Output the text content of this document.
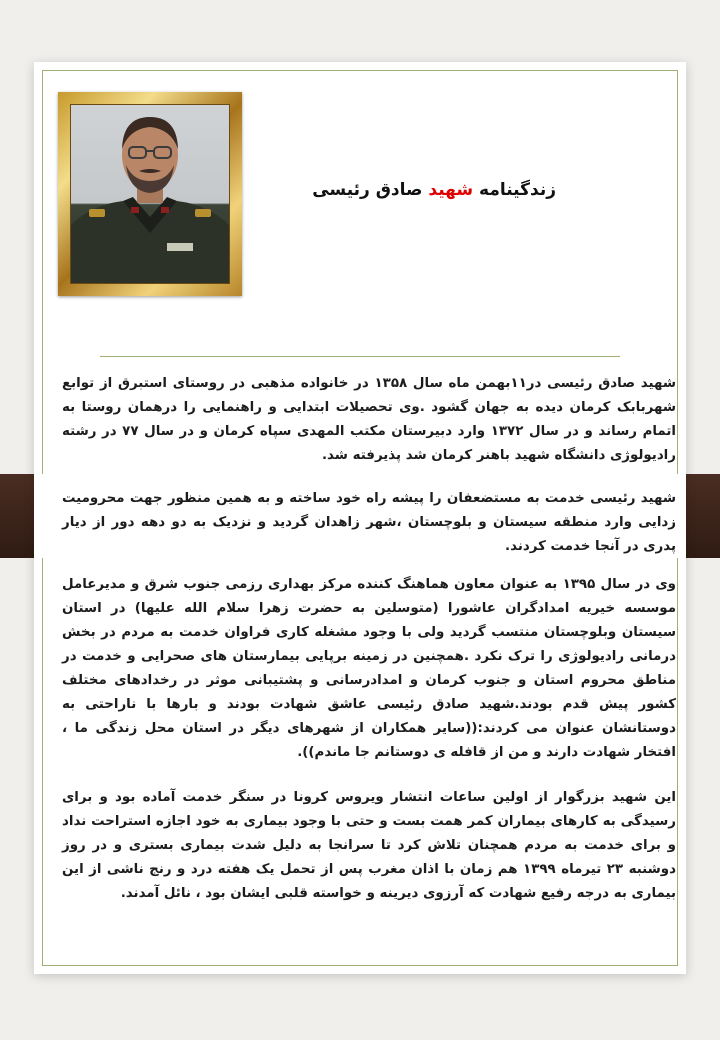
زندگینامه شهید صادق رئیسی

شهید صادق رئیسی در۱۱بهمن ماه سال ۱۳۵۸ در خانواده مذهبی در روستای استبرق از توابع شهربابک کرمان دیده به جهان گشود .وی تحصیلات ابتدایی و راهنمایی را درهمان روستا به اتمام رساند و در سال ۱۳۷۲ وارد دبیرستان مکتب المهدی سپاه کرمان و در سال ۷۷ در رشته رادیولوژی دانشگاه شهید باهنر کرمان شد پذیرفته شد.

شهید رئیسی خدمت به مستضعفان را پیشه راه خود ساخته و به همین منظور جهت محرومیت زدایی وارد منطقه سیستان و بلوچستان ،شهر زاهدان گردید و نزدیک به دو دهه دور از دیار پدری در آنجا خدمت کردند.

وی در سال ۱۳۹۵ به عنوان معاون هماهنگ کننده مرکز بهداری رزمی جنوب شرق و مدیرعامل موسسه خیریه امدادگران عاشورا (متوسلین به حضرت زهرا سلام الله علیها) در استان سیستان وبلوچستان منتسب گردید ولی با وجود مشغله کاری فراوان خدمت به مردم در بخش درمانی رادیولوژی را ترک نکرد .همچنین در زمینه برپایی بیمارستان های صحرایی و خدمت در مناطق محروم استان و جنوب کرمان و امدادرسانی و پشتیبانی موثر در رخدادهای مختلف کشور پیش قدم بودند.شهید صادق رئیسی عاشق شهادت بودند و بارها با ناراحتی به دوستانشان عنوان می کردند:((سایر همکاران از شهرهای دیگر در استان محل زندگی ما ، افتخار شهادت دارند و من از قافله ی دوستانم جا ماندم)).

این شهید بزرگوار از اولین ساعات انتشار ویروس کرونا در سنگر خدمت آماده بود و برای رسیدگی به کارهای بیماران کمر همت بست و حتی با وجود بیماری به خود اجازه استراحت نداد و برای خدمت به مردم همچنان تلاش کرد تا سرانجا به دلیل شدت بیماری بستری و در روز دوشنبه ۲۳ تیرماه ۱۳۹۹ هم زمان با اذان مغرب پس از تحمل یک هفته درد و رنج ناشی از این بیماری به درجه رفیع شهادت که آرزوی دیرینه و خواسته قلبی ایشان بود ، نائل آمدند.
